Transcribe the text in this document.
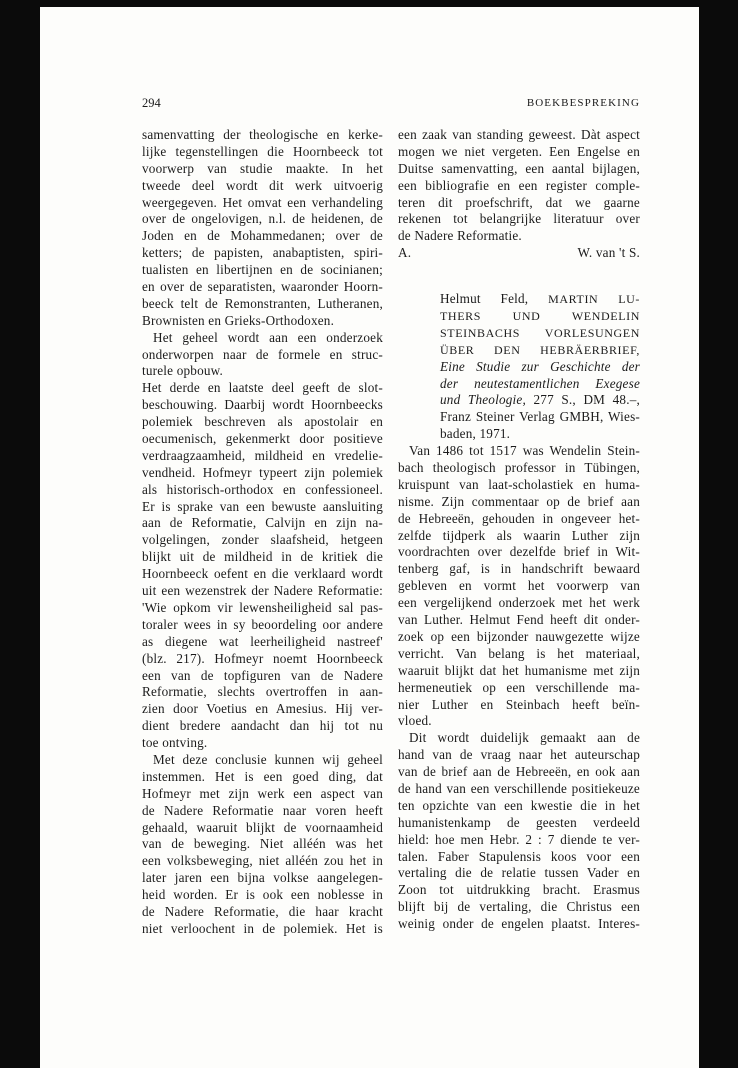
294	BOEKBESPREKING
samenvatting der theologische en kerke-
lijke tegenstellingen die Hoornbeeck tot
voorwerp van studie maakte. In het
tweede deel wordt dit werk uitvoerig
weergegeven. Het omvat een verhandeling
over de ongelovigen, n.l. de heidenen, de
Joden en de Mohammedanen; over de
ketters; de papisten, anabaptisten, spiri-
tualisten en libertijnen en de socinianen;
en over de separatisten, waaronder Hoorn-
beeck telt de Remonstranten, Lutheranen,
Brownisten en Grieks-Orthodoxen.
Het geheel wordt aan een onderzoek
onderworpen naar de formele en struc-
turele opbouw.
Het derde en laatste deel geeft de slot-
beschouwing. Daarbij wordt Hoornbeecks
polemiek beschreven als apostolair en
oecumenisch, gekenmerkt door positieve
verdraagzaamheid, mildheid en vredelie-
vendheid. Hofmeyr typeert zijn polemiek
als historisch-orthodox en confessioneel.
Er is sprake van een bewuste aansluiting
aan de Reformatie, Calvijn en zijn na-
volgelingen, zonder slaafsheid, hetgeen
blijkt uit de mildheid in de kritiek die
Hoornbeeck oefent en die verklaard wordt
uit een wezenstrek der Nadere Reformatie:
'Wie opkom vir lewensheiligheid sal pas-
toraler wees in sy beoordeling oor andere
as diegene wat leerheiligheid nastreef'
(blz. 217). Hofmeyr noemt Hoornbeeck
een van de topfiguren van de Nadere
Reformatie, slechts overtroffen in aan-
zien door Voetius en Amesius. Hij ver-
dient bredere aandacht dan hij tot nu
toe ontving.
Met deze conclusie kunnen wij geheel
instemmen. Het is een goed ding, dat
Hofmeyr met zijn werk een aspect van
de Nadere Reformatie naar voren heeft
gehaald, waaruit blijkt de voornaamheid
van de beweging. Niet alléén was het
een volksbeweging, niet alléén zou het in
later jaren een bijna volkse aangelegen-
heid worden. Er is ook een noblesse in
de Nadere Reformatie, die haar kracht
niet verloochent in de polemiek. Het is
een zaak van standing geweest. Dàt aspect
mogen we niet vergeten. Een Engelse en
Duitse samenvatting, een aantal bijlagen,
een bibliografie en een register comple-
teren dit proefschrift, dat we gaarne
rekenen tot belangrijke literatuur over
de Nadere Reformatie.
A.	W. van 't S.
Helmut Feld, MARTIN LU-
THERS UND WENDELIN
STEINBACHS VORLESUNGEN
ÜBER DEN HEBRÄERBRIEF,
Eine Studie zur Geschichte der
der neutestamentlichen Exegese
und Theologie, 277 S., DM 48.–,
Franz Steiner Verlag GMBH, Wies-
baden, 1971.
Van 1486 tot 1517 was Wendelin Stein-
bach theologisch professor in Tübingen,
kruispunt van laat-scholastiek en huma-
nisme. Zijn commentaar op de brief aan
de Hebreeën, gehouden in ongeveer het-
zelfde tijdperk als waarin Luther zijn
voordrachten over dezelfde brief in Wit-
tenberg gaf, is in handschrift bewaard
gebleven en vormt het voorwerp van
een vergelijkend onderzoek met het werk
van Luther. Helmut Fend heeft dit onder-
zoek op een bijzonder nauwgezette wijze
verricht. Van belang is het materiaal,
waaruit blijkt dat het humanisme met zijn
hermeneutiek op een verschillende ma-
nier Luther en Steinbach heeft beïn-
vloed.
Dit wordt duidelijk gemaakt aan de
hand van de vraag naar het auteurschap
van de brief aan de Hebreeën, en ook aan
de hand van een verschillende positiekeuze
ten opzichte van een kwestie die in het
humanistenkamp de geesten verdeeld
hield: hoe men Hebr. 2 : 7 diende te ver-
talen. Faber Stapulensis koos voor een
vertaling die de relatie tussen Vader en
Zoon tot uitdrukking bracht. Erasmus
blijft bij de vertaling, die Christus een
weinig onder de engelen plaatst. Interes-
